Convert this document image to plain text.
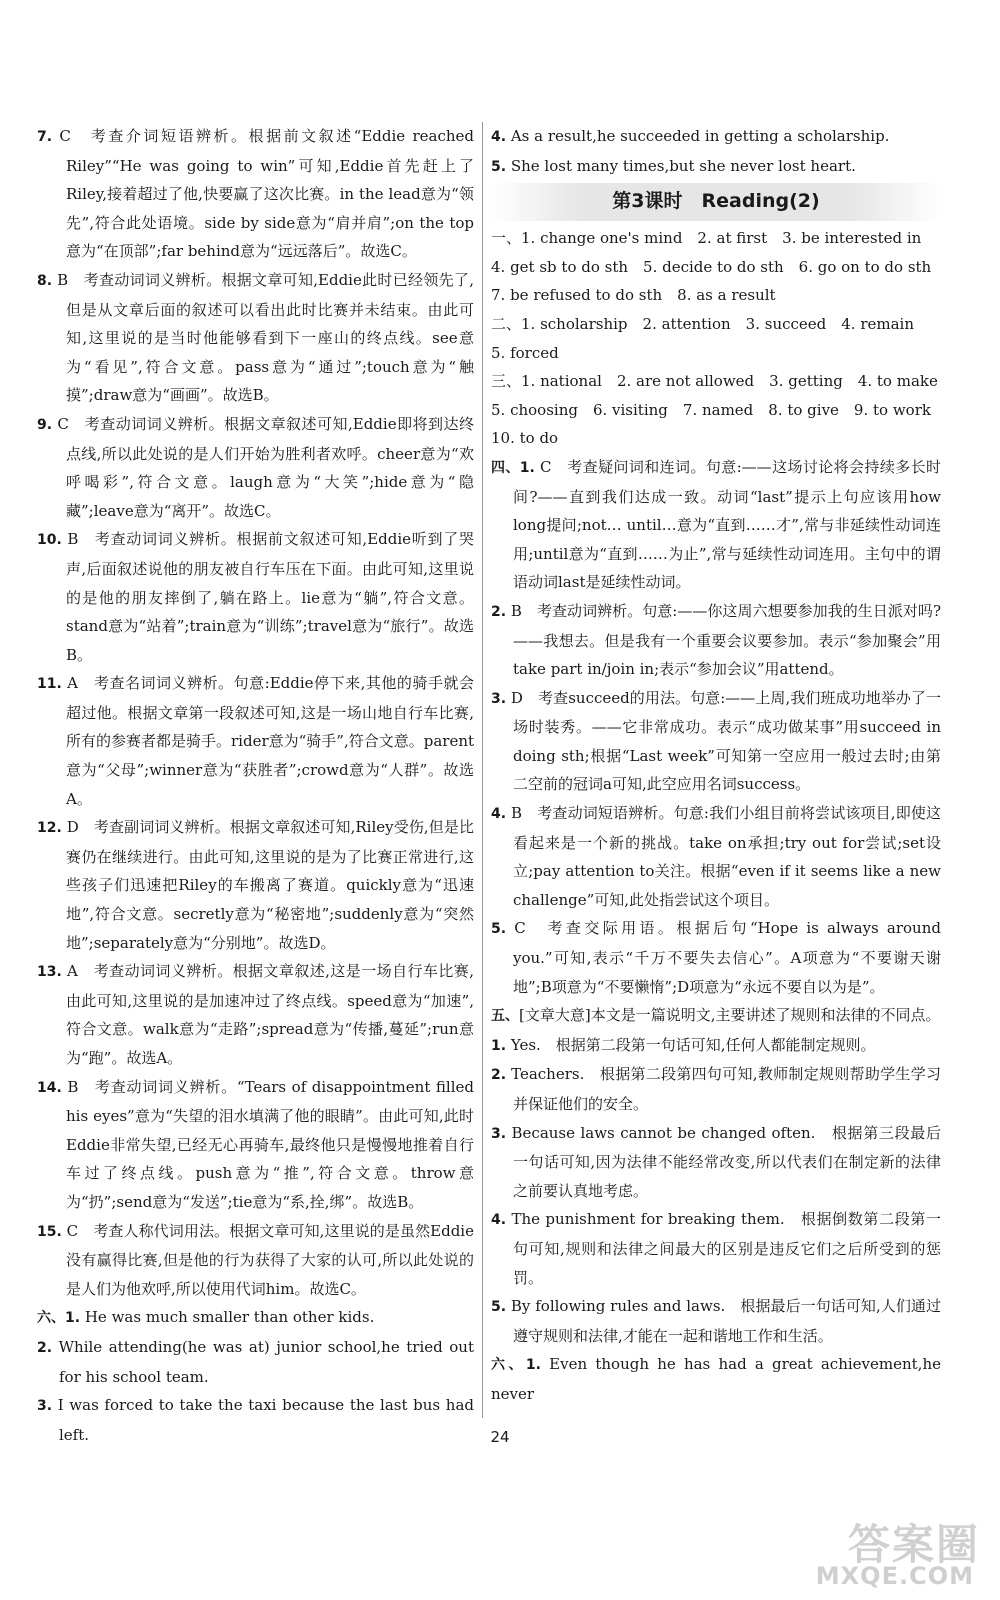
7. C　考查介词短语辨析。根据前文叙述“Eddie reached Riley”“He was going to win”可知,Eddie首先赶上了Riley,接着超过了他,快要赢了这次比赛。in the lead意为“领先”,符合此处语境。side by side意为“肩并肩”;on the top意为“在顶部”;far behind意为“远远落后”。故选C。

8. B　考查动词词义辨析。根据文章可知,Eddie此时已经领先了,但是从文章后面的叙述可以看出此时比赛并未结束。由此可知,这里说的是当时他能够看到下一座山的终点线。see意为“看见”,符合文意。pass意为“通过”;touch意为“触摸”;draw意为“画画”。故选B。

9. C　考查动词词义辨析。根据文章叙述可知,Eddie即将到达终点线,所以此处说的是人们开始为胜利者欢呼。cheer意为“欢呼喝彩”,符合文意。laugh意为“大笑”;hide意为“隐藏”;leave意为“离开”。故选C。

10. B　考查动词词义辨析。根据前文叙述可知,Eddie听到了哭声,后面叙述说他的朋友被自行车压在下面。由此可知,这里说的是他的朋友摔倒了,躺在路上。lie意为“躺”,符合文意。stand意为“站着”;train意为“训练”;travel意为“旅行”。故选B。

11. A　考查名词词义辨析。句意:Eddie停下来,其他的骑手就会超过他。根据文章第一段叙述可知,这是一场山地自行车比赛,所有的参赛者都是骑手。rider意为“骑手”,符合文意。parent意为“父母”;winner意为“获胜者”;crowd意为“人群”。故选A。

12. D　考查副词词义辨析。根据文章叙述可知,Riley受伤,但是比赛仍在继续进行。由此可知,这里说的是为了比赛正常进行,这些孩子们迅速把Riley的车搬离了赛道。quickly意为“迅速地”,符合文意。secretly意为“秘密地”;suddenly意为“突然地”;separately意为“分别地”。故选D。

13. A　考查动词词义辨析。根据文章叙述,这是一场自行车比赛,由此可知,这里说的是加速冲过了终点线。speed意为“加速”,符合文意。walk意为“走路”;spread意为“传播,蔓延”;run意为“跑”。故选A。

14. B　考查动词词义辨析。“Tears of disappointment filled his eyes”意为“失望的泪水填满了他的眼睛”。由此可知,此时Eddie非常失望,已经无心再骑车,最终他只是慢慢地推着自行车过了终点线。push意为“推”,符合文意。throw意为“扔”;send意为“发送”;tie意为“系,拴,绑”。故选B。

15. C　考查人称代词用法。根据文章可知,这里说的是虽然Eddie没有赢得比赛,但是他的行为获得了大家的认可,所以此处说的是人们为他欢呼,所以使用代词him。故选C。

六、1. He was much smaller than other kids.

2. While attending(he was at) junior school,he tried out for his school team.

3. I was forced to take the taxi because the last bus had left.

4. As a result,he succeeded in getting a scholarship.

5. She lost many times,but she never lost heart.

第3课时　Reading(2)

一、1. change one's mind　2. at first　3. be interested in

4. get sb to do sth　5. decide to do sth　6. go on to do sth

7. be refused to do sth　8. as a result

二、1. scholarship　2. attention　3. succeed　4. remain

5. forced

三、1. national　2. are not allowed　3. getting　4. to make

5. choosing　6. visiting　7. named　8. to give　9. to work

10. to do

四、1. C　考查疑问词和连词。句意:——这场讨论将会持续多长时间?——直到我们达成一致。动词“last”提示上句应该用how long提问;not… until…意为“直到……才”,常与非延续性动词连用;until意为“直到……为止”,常与延续性动词连用。主句中的谓语动词last是延续性动词。

2. B　考查动词辨析。句意:——你这周六想要参加我的生日派对吗?——我想去。但是我有一个重要会议要参加。表示“参加聚会”用take part in/join in;表示“参加会议”用attend。

3. D　考查succeed的用法。句意:——上周,我们班成功地举办了一场时装秀。——它非常成功。表示“成功做某事”用succeed in doing sth;根据“Last week”可知第一空应用一般过去时;由第二空前的冠词a可知,此空应用名词success。

4. B　考查动词短语辨析。句意:我们小组目前将尝试该项目,即使这看起来是一个新的挑战。take on承担;try out for尝试;set设立;pay attention to关注。根据“even if it seems like a new challenge”可知,此处指尝试这个项目。

5. C　考查交际用语。根据后句“Hope is always around you.”可知,表示“千万不要失去信心”。A项意为“不要谢天谢地”;B项意为“不要懒惰”;D项意为“永远不要自以为是”。

五、[文章大意]本文是一篇说明文,主要讲述了规则和法律的不同点。

1. Yes.　根据第二段第一句话可知,任何人都能制定规则。

2. Teachers.　根据第二段第四句可知,教师制定规则帮助学生学习并保证他们的安全。

3. Because laws cannot be changed often.　根据第三段最后一句话可知,因为法律不能经常改变,所以代表们在制定新的法律之前要认真地考虑。

4. The punishment for breaking them.　根据倒数第二段第一句可知,规则和法律之间最大的区别是违反它们之后所受到的惩罚。

5. By following rules and laws.　根据最后一句话可知,人们通过遵守规则和法律,才能在一起和谐地工作和生活。

六、1. Even though he has had a great achievement,he never

24
答案圈
MXQE.COM
